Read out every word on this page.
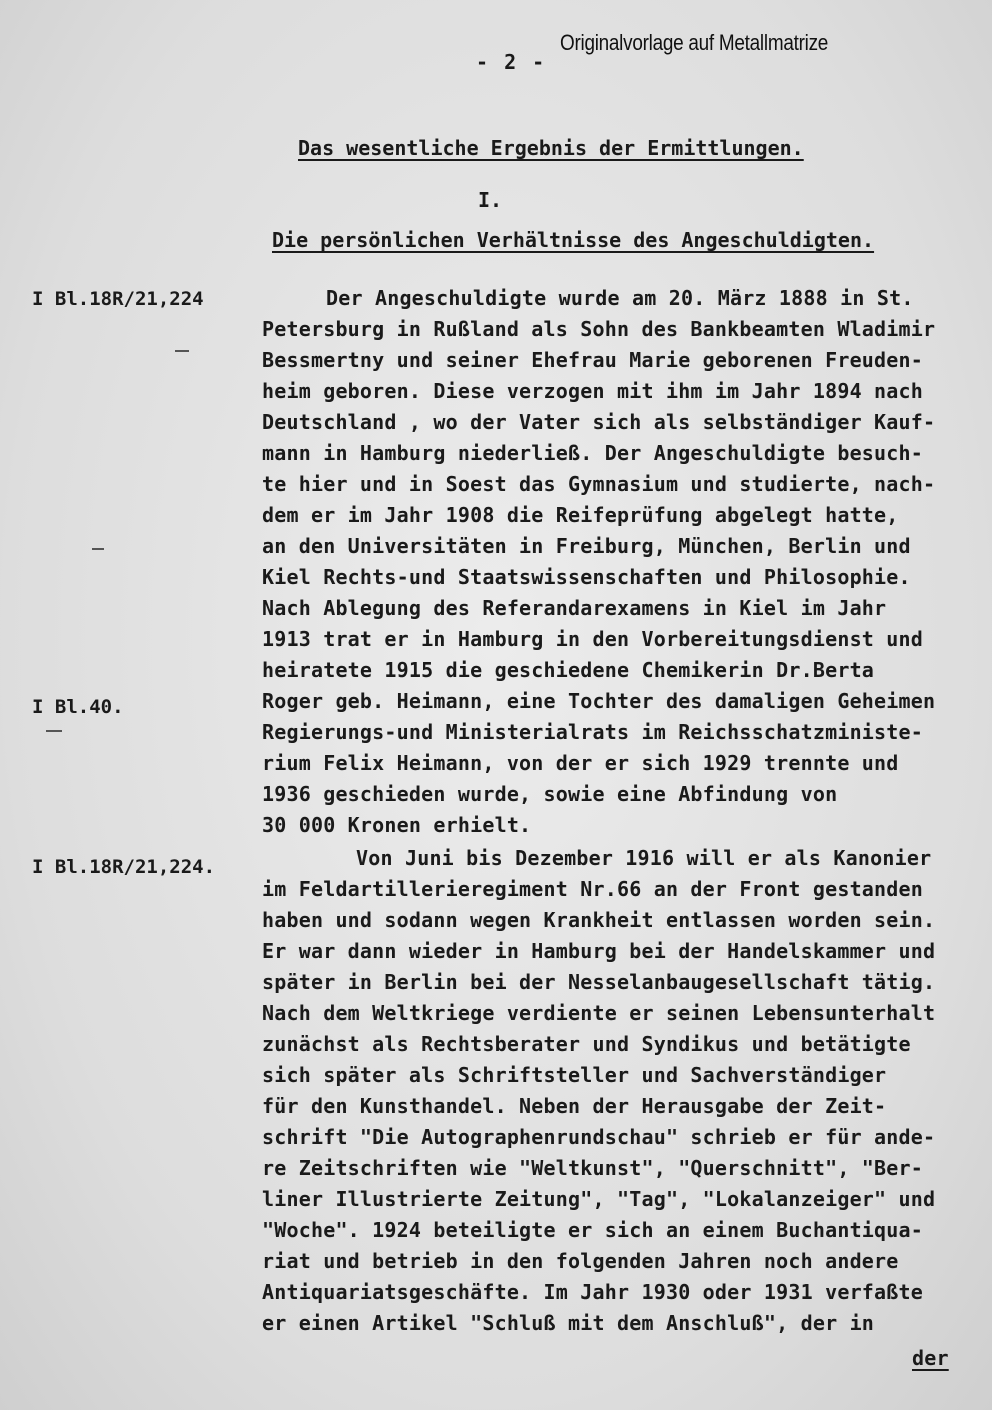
Originalvorlage auf Metallmatrize
- 2 -
Das wesentliche Ergebnis der Ermittlungen.
I.
Die persönlichen Verhältnisse des Angeschuldigten.
I Bl.18R/21,224
I Bl.40.
I Bl.18R/21,224.
Der Angeschuldigte wurde am 20. März 1888 in St.
Petersburg in Rußland als Sohn des Bankbeamten Wladimir
Bessmertny und seiner Ehefrau Marie geborenen Freuden-
heim geboren. Diese verzogen mit ihm im Jahr 1894 nach
Deutschland , wo der Vater sich als selbständiger Kauf-
mann in Hamburg niederließ. Der Angeschuldigte besuch-
te hier und in Soest das Gymnasium und studierte, nach-
dem er im Jahr 1908 die Reifeprüfung abgelegt hatte,
an den Universitäten in Freiburg, München, Berlin und
Kiel Rechts-und Staatswissenschaften und Philosophie.
Nach Ablegung des Referandarexamens in Kiel im Jahr
1913 trat er in Hamburg in den Vorbereitungsdienst und
heiratete 1915 die geschiedene Chemikerin Dr.Berta
Roger geb. Heimann, eine Tochter des damaligen Geheimen
Regierungs-und Ministerialrats im Reichsschatzministe-
rium Felix Heimann, von der er sich 1929 trennte und
1936 geschieden wurde, sowie eine Abfindung von
30 000 Kronen erhielt.
Von Juni bis Dezember 1916 will er als Kanonier
im Feldartillerieregiment Nr.66 an der Front gestanden
haben und sodann wegen Krankheit entlassen worden sein.
Er war dann wieder in Hamburg bei der Handelskammer und
später in Berlin bei der Nesselanbaugesellschaft tätig.
Nach dem Weltkriege verdiente er seinen Lebensunterhalt
zunächst als Rechtsberater und Syndikus und betätigte
sich später als Schriftsteller und Sachverständiger
für den Kunsthandel. Neben der Herausgabe der Zeit-
schrift "Die Autographenrundschau" schrieb er für ande-
re Zeitschriften wie "Weltkunst", "Querschnitt", "Ber-
liner Illustrierte Zeitung", "Tag", "Lokalanzeiger" und
"Woche". 1924 beteiligte er sich an einem Buchantiqua-
riat und betrieb in den folgenden Jahren noch andere
Antiquariatsgeschäfte. Im Jahr 1930 oder 1931 verfaßte
er einen Artikel "Schluß mit dem Anschluß", der in
der
